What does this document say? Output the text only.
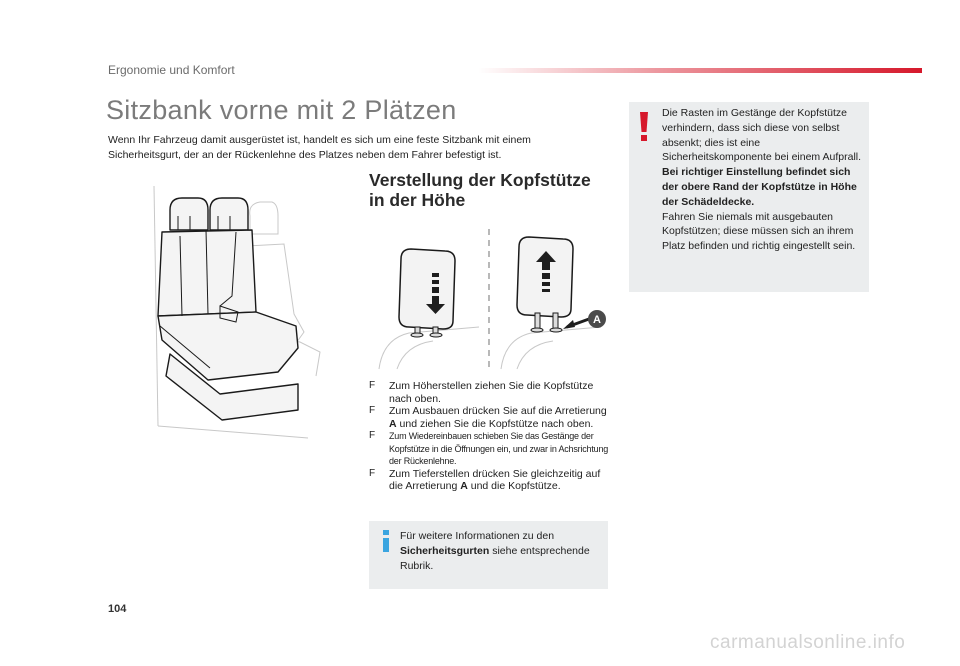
Ergonomie und Komfort
Sitzbank vorne mit 2 Plätzen
Wenn Ihr Fahrzeug damit ausgerüstet ist, handelt es sich um eine feste Sitzbank mit einem Sicherheitsgurt, der an der Rückenlehne des Platzes neben dem Fahrer befestigt ist.
Verstellung der Kopfstütze in der Höhe
A
F Zum Höherstellen ziehen Sie die Kopfstütze nach oben.
F Zum Ausbauen drücken Sie auf die Arretierung A und ziehen Sie die Kopfstütze nach oben.
F Zum Wiedereinbauen schieben Sie das Gestänge der Kopfstütze in die Öffnungen ein, und zwar in Achsrichtung der Rückenlehne.
F Zum Tieferstellen drücken Sie gleichzeitig auf die Arretierung A und die Kopfstütze.
Für weitere Informationen zu den Sicherheitsgurten siehe entsprechende Rubrik.
Die Rasten im Gestänge der Kopfstütze verhindern, dass sich diese von selbst absenkt; dies ist eine Sicherheitskomponente bei einem Aufprall.
Bei richtiger Einstellung befindet sich der obere Rand der Kopfstütze in Höhe der Schädeldecke.
Fahren Sie niemals mit ausgebauten Kopfstützen; diese müssen sich an ihrem Platz befinden und richtig eingestellt sein.
104
carmanualsonline.info
